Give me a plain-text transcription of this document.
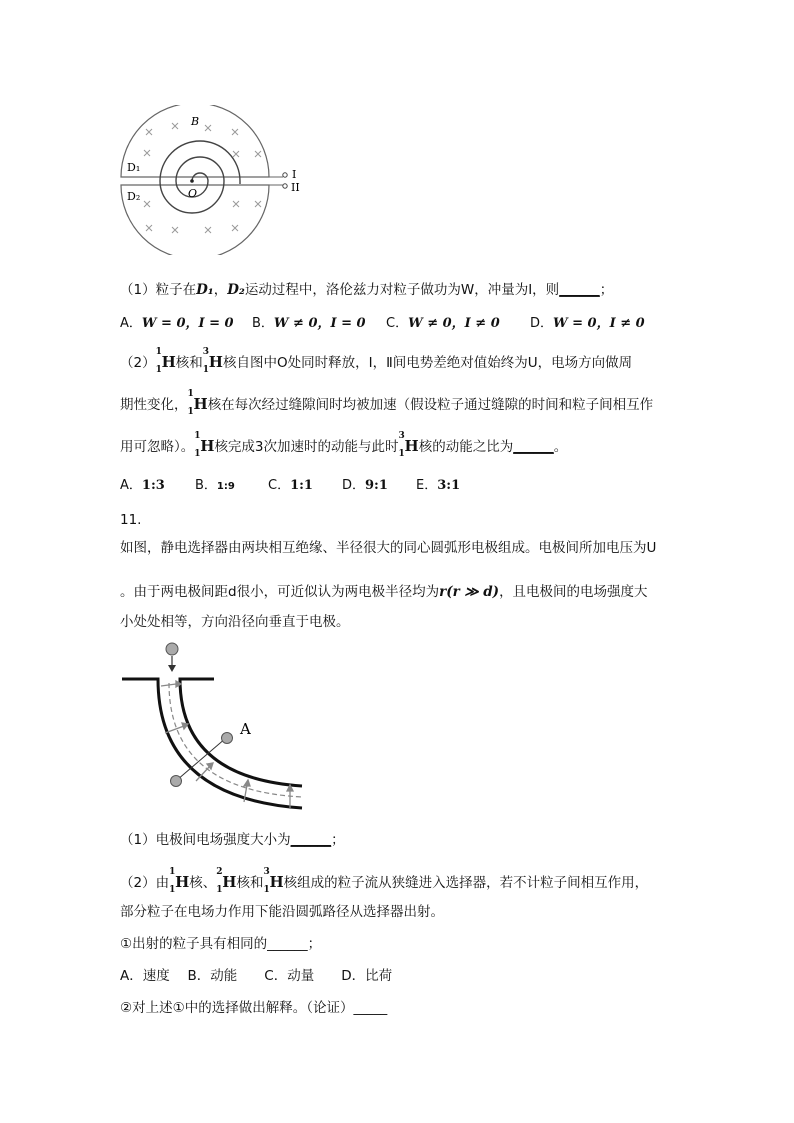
B
D₁
D₂	O
I
II
（1）粒子在D₁，D₂运动过程中，洛伦兹力对粒子做功为W，冲量为I，则______；
A．W = 0，I = 0 B．W ≠ 0，I = 0 C．W ≠ 0，I ≠ 0 D．W = 0，I ≠ 0
（2）
1
1 H核和
3
1 H核自图中O处同时释放，Ⅰ，Ⅱ间电势差绝对值始终为U，电场方向做周
期性变化，
1
1 H核在每次经过缝隙间时均被加速（假设粒子通过缝隙的时间和粒子间相互作
用可忽略）。
1
1 H核完成3次加速时的动能与此时
3
1 H核的动能之比为______。
A．1:3 B．1:9	C．1:1 D．9:1 E．3:1
11.
如图，静电选择器由两块相互绝缘、半径很大的同心圆弧形电极组成。电极间所加电压为U
。由于两电极间距d很小，可近似认为两电极半径均为r(r ≫ d)，且电极间的电场强度大
小处处相等，方向沿径向垂直于电极。
A
（1）电极间电场强度大小为______；
（2）由
1
1 H核、
2
1 H核和
3
1 H核组成的粒子流从狭缝进入选择器，若不计粒子间相互作用，
部分粒子在电场力作用下能沿圆弧路径从选择器出射。
①出射的粒子具有相同的______；
A．速度　 B．动能　　C．动量　　D．比荷
②对上述①中的选择做出解释。（论证）_____
